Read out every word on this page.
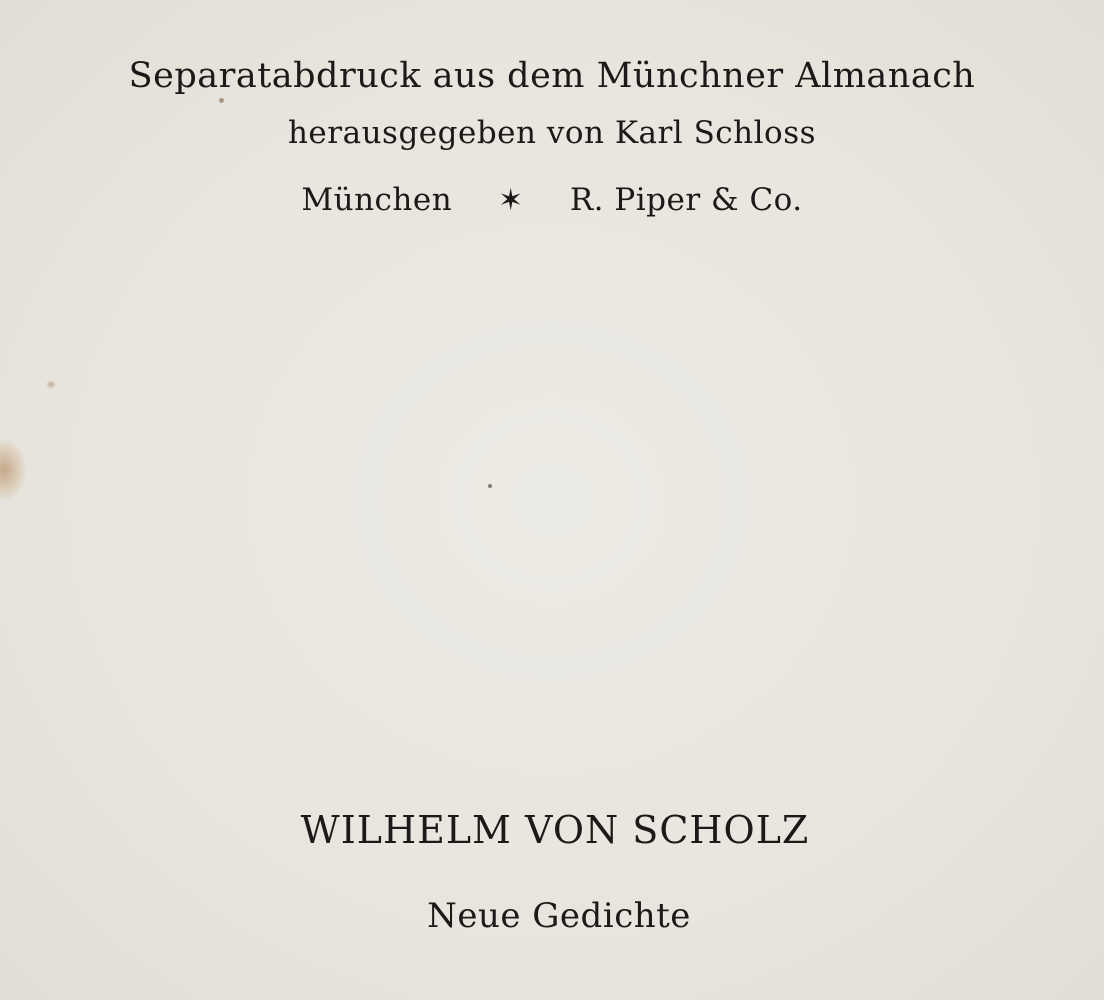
Separatabdruck aus dem Münchner Almanach
herausgegeben von Karl Schloss
München ✶ R. Piper & Co.
WILHELM VON SCHOLZ
Neue Gedichte
